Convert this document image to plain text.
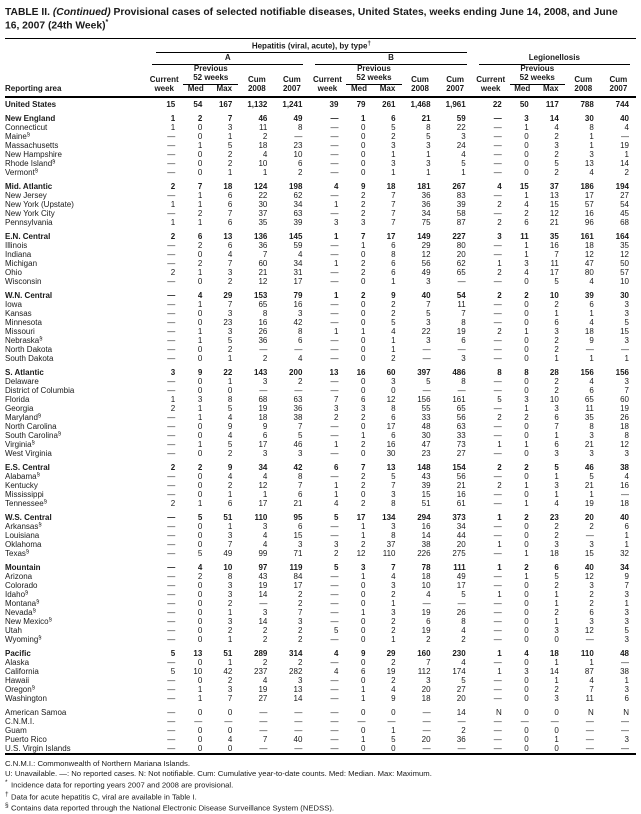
TABLE II. (Continued) Provisional cases of selected notifiable diseases, United States, weeks ending June 14, 2008, and June 16, 2007 (24th Week)*

	Hepatitis (viral, acute), by type†

	A					B					Legionellosis				

	Current	Previous
52 weeks		Cum	Cum	Current	Previous
52 weeks		Cum	Cum	Current	Previous
52 weeks		Cum	Cum
Reporting area	week	Med	Max	2008	2007	week	Med	Max	2008	2007	week	Med	Max	2008	2007
United States	15	54	167	1,132	1,241	39	79	261	1,468	1,961	22	50	117	788	744
New England	1	2	7	46	49	—	1	6	21	59	—	3	14	30	40
Connecticut	1	0	3	11	8	—	0	5	8	22	—	1	4	8	4
Maine§	—	0	1	2	—	—	0	2	5	3	—	0	2	1	—
Massachusetts	—	1	5	18	23	—	0	3	3	24	—	0	3	1	19
New Hampshire	—	0	2	4	10	—	0	1	1	4	—	0	2	3	1
Rhode Island§	—	0	2	10	6	—	0	3	3	5	—	0	5	13	14
Vermont§	—	0	1	1	2	—	0	1	1	1	—	0	2	4	2
Mid. Atlantic	2	7	18	124	198	4	9	18	181	267	4	15	37	186	194
New Jersey	—	1	6	22	62	—	2	7	36	83	—	1	13	17	27
New York (Upstate)	1	1	6	30	34	1	2	7	36	39	2	4	15	57	54
New York City	—	2	7	37	63	—	2	7	34	58	—	2	12	16	45
Pennsylvania	1	1	6	35	39	3	3	7	75	87	2	6	21	96	68
E.N. Central	2	6	13	136	145	1	7	17	149	227	3	11	35	161	164
Illinois	—	2	6	36	59	—	1	6	29	80	—	1	16	18	35
Indiana	—	0	4	7	4	—	0	8	12	20	—	1	7	12	12
Michigan	—	2	7	60	34	1	2	6	56	62	1	3	11	47	50
Ohio	2	1	3	21	31	—	2	6	49	65	2	4	17	80	57
Wisconsin	—	0	2	12	17	—	0	1	3	—	—	0	5	4	10
W.N. Central	—	4	29	153	79	1	2	9	40	54	2	2	10	39	30
Iowa	—	1	7	65	16	—	0	2	7	11	—	0	2	6	3
Kansas	—	0	3	8	3	—	0	2	5	7	—	0	1	1	3
Minnesota	—	0	23	16	42	—	0	5	3	8	—	0	6	4	5
Missouri	—	1	3	26	8	1	1	4	22	19	2	1	3	18	15
Nebraska§	—	1	5	36	6	—	0	1	3	6	—	0	2	9	3
North Dakota	—	0	2	—	—	—	0	1	—	—	—	0	2	—	—
South Dakota	—	0	1	2	4	—	0	2	—	3	—	0	1	1	1
S. Atlantic	3	9	22	143	200	13	16	60	397	486	8	8	28	156	156
Delaware	—	0	1	3	2	—	0	3	5	8	—	0	2	4	3
District of Columbia	—	0	0	—	—	—	0	0	—	—	—	0	2	6	7
Florida	1	3	8	68	63	7	6	12	156	161	5	3	10	65	60
Georgia	2	1	5	19	36	3	3	8	55	65	—	1	3	11	19
Maryland§	—	1	4	18	38	2	2	6	33	56	2	2	6	35	26
North Carolina	—	0	9	9	7	—	0	17	48	63	—	0	7	8	18
South Carolina§	—	0	4	6	5	—	1	6	30	33	—	0	1	3	8
Virginia§	—	1	5	17	46	1	2	16	47	73	1	1	6	21	12
West Virginia	—	0	2	3	3	—	0	30	23	27	—	0	3	3	3
E.S. Central	2	2	9	34	42	6	7	13	148	154	2	2	5	46	38
Alabama§	—	0	4	4	8	—	2	5	43	56	—	0	1	5	4
Kentucky	—	0	2	12	7	1	2	7	39	21	2	1	3	21	16
Mississippi	—	0	1	1	6	1	0	3	15	16	—	0	1	1	—
Tennessee§	2	1	6	17	21	4	2	8	51	61	—	1	4	19	18
W.S. Central	—	5	51	110	95	5	17	134	294	373	1	2	23	20	40
Arkansas§	—	0	1	3	6	—	1	3	16	34	—	0	2	2	6
Louisiana	—	0	3	4	15	—	1	8	14	44	—	0	2	—	1
Oklahoma	—	0	7	4	3	3	2	37	38	20	1	0	3	3	1
Texas§	—	5	49	99	71	2	12	110	226	275	—	1	18	15	32
Mountain	—	4	10	97	119	5	3	7	78	111	1	2	6	40	34
Arizona	—	2	8	43	84	—	1	4	18	49	—	1	5	12	9
Colorado	—	0	3	19	17	—	0	3	10	17	—	0	2	3	7
Idaho§	—	0	3	14	2	—	0	2	4	5	1	0	1	2	3
Montana§	—	0	2	—	2	—	0	1	—	—	—	0	1	2	1
Nevada§	—	0	1	3	7	—	1	3	19	26	—	0	2	6	3
New Mexico§	—	0	3	14	3	—	0	2	6	8	—	0	1	3	3
Utah	—	0	2	2	2	5	0	2	19	4	—	0	3	12	5
Wyoming§	—	0	1	2	2	—	0	1	2	2	—	0	0	—	3
Pacific	5	13	51	289	314	4	9	29	160	230	1	4	18	110	48
Alaska	—	0	1	2	2	—	0	2	7	4	—	0	1	1	—
California	5	10	42	237	282	4	6	19	112	174	1	3	14	87	38
Hawaii	—	0	2	4	3	—	0	2	3	5	—	0	1	4	1
Oregon§	—	1	3	19	13	—	1	4	20	27	—	0	2	7	3
Washington	—	1	7	27	14	—	1	9	18	20	—	0	3	11	6
American Samoa	—	0	0	—	—	—	0	0	—	14	N	0	0	N	N
C.N.M.I.	—	—	—	—	—	—	—	—	—	—	—	—	—	—	—
Guam	—	0	0	—	—	—	0	1	—	2	—	0	0	—	—
Puerto Rico	—	0	4	7	40	—	1	5	20	36	—	0	1	—	3
U.S. Virgin Islands	—	0	0	—	—	—	0	0	—	—	—	0	0	—	—

C.N.M.I.: Commonwealth of Northern Mariana Islands.

U: Unavailable. —: No reported cases. N: Not notifiable. Cum: Cumulative year-to-date counts. Med: Median. Max: Maximum.

* Incidence data for reporting years 2007 and 2008 are provisional.

† Data for acute hepatitis C, viral are available in Table I.

§ Contains data reported through the National Electronic Disease Surveillance System (NEDSS).
